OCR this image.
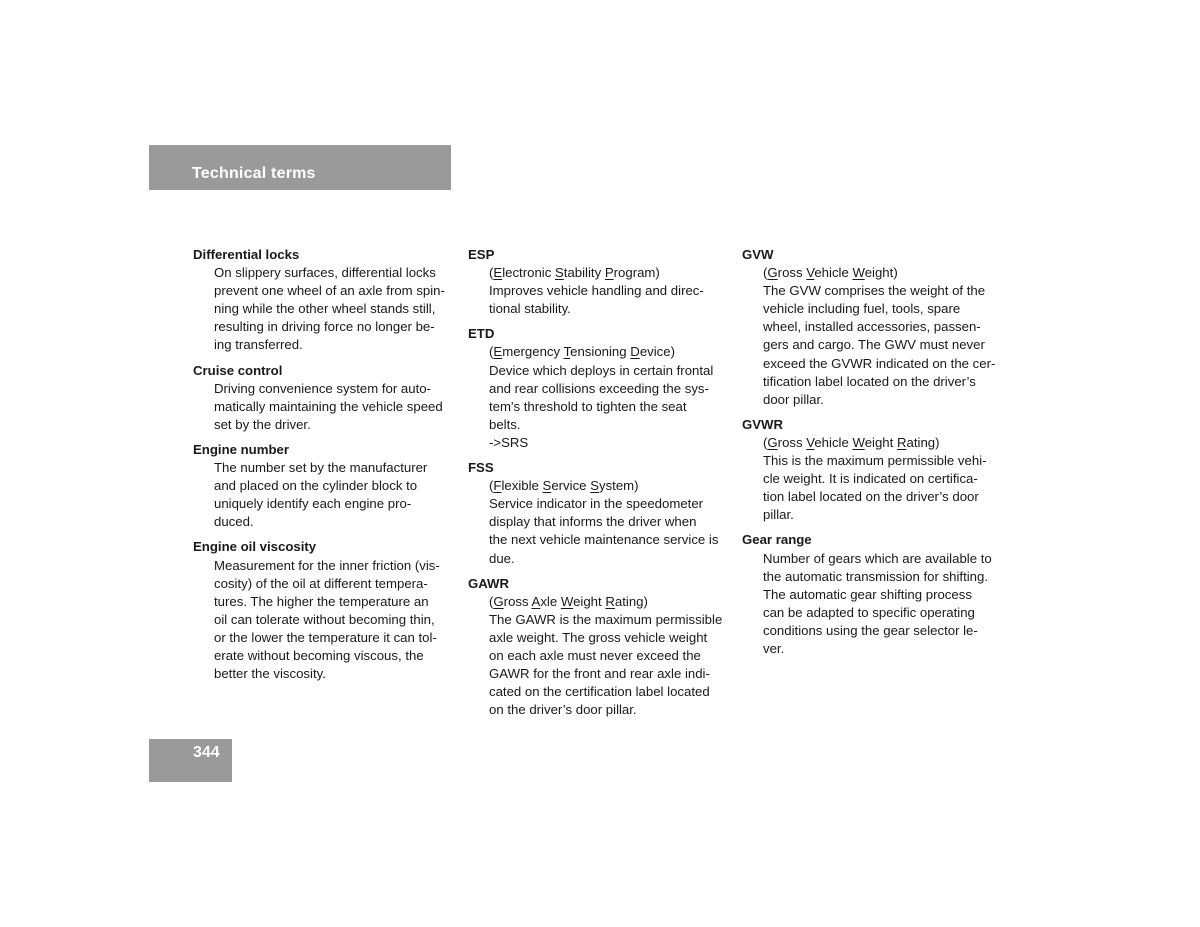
Technical terms
Differential locks
On slippery surfaces, differential locks
prevent one wheel of an axle from spin-
ning while the other wheel stands still,
resulting in driving force no longer be-
ing transferred.
Cruise control
Driving convenience system for auto-
matically maintaining the vehicle speed
set by the driver.
Engine number
The number set by the manufacturer
and placed on the cylinder block to
uniquely identify each engine pro-
duced.
Engine oil viscosity
Measurement for the inner friction (vis-
cosity) of the oil at different tempera-
tures. The higher the temperature an
oil can tolerate without becoming thin,
or the lower the temperature it can tol-
erate without becoming viscous, the
better the viscosity.
ESP
(Electronic Stability Program)
Improves vehicle handling and direc-
tional stability.
ETD
(Emergency Tensioning Device)
Device which deploys in certain frontal
and rear collisions exceeding the sys-
tem's threshold to tighten the seat
belts.
->SRS
FSS
(Flexible Service System)
Service indicator in the speedometer
display that informs the driver when
the next vehicle maintenance service is
due.
GAWR
(Gross Axle Weight Rating)
The GAWR is the maximum permissible
axle weight. The gross vehicle weight
on each axle must never exceed the
GAWR for the front and rear axle indi-
cated on the certification label located
on the driver’s door pillar.
GVW
(Gross Vehicle Weight)
The GVW comprises the weight of the
vehicle including fuel, tools, spare
wheel, installed accessories, passen-
gers and cargo. The GWV must never
exceed the GVWR indicated on the cer-
tification label located on the driver’s
door pillar.
GVWR
(Gross Vehicle Weight Rating)
This is the maximum permissible vehi-
cle weight. It is indicated on certifica-
tion label located on the driver’s door
pillar.
Gear range
Number of gears which are available to
the automatic transmission for shifting.
The automatic gear shifting process
can be adapted to specific operating
conditions using the gear selector le-
ver.
344
